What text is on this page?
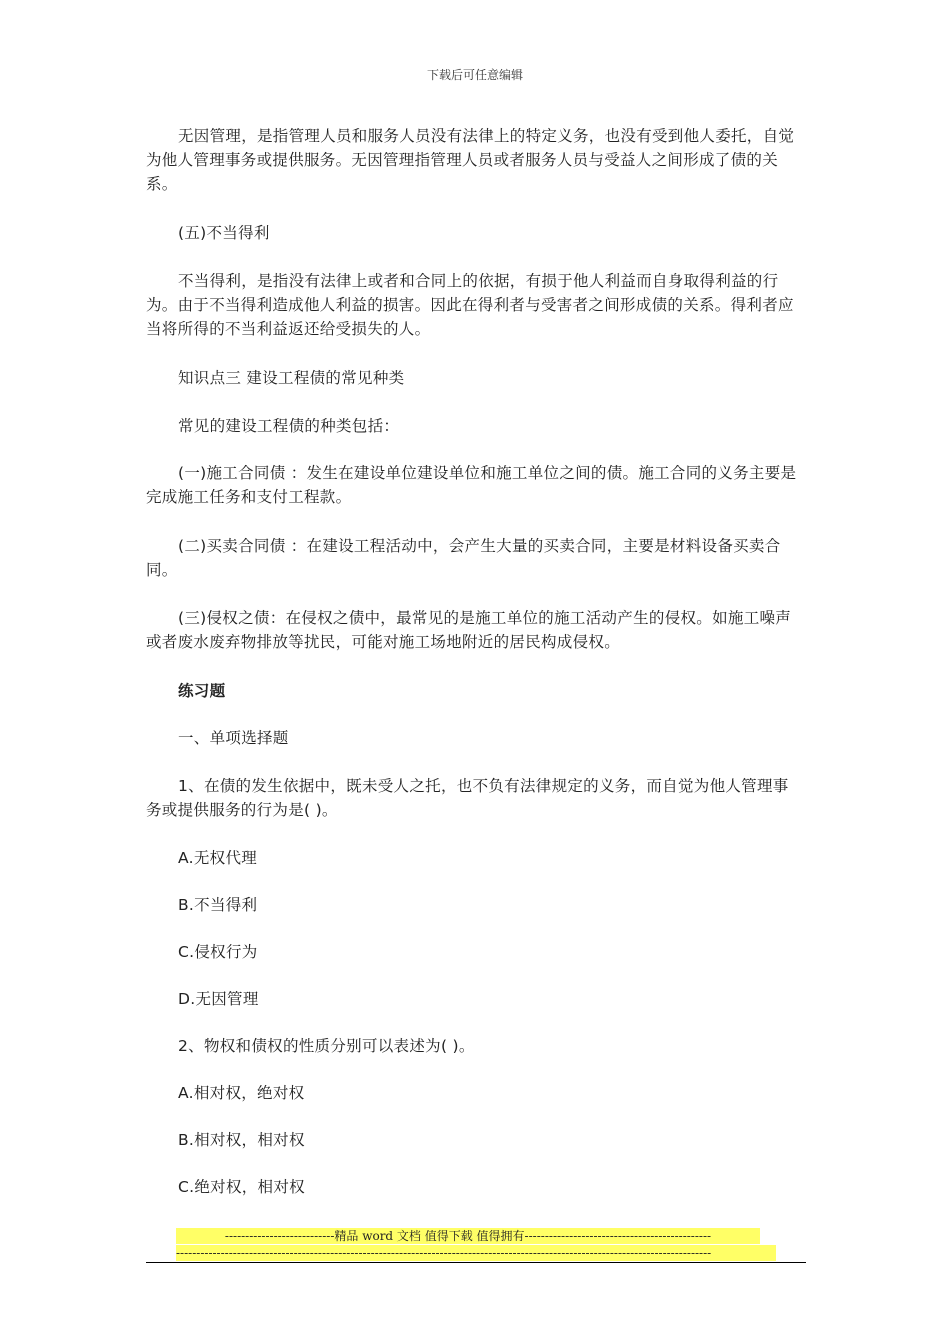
下载后可任意编辑

无因管理，是指管理人员和服务人员没有法律上的特定义务，也没有受到他人委托，自觉为他人管理事务或提供服务。无因管理指管理人员或者服务人员与受益人之间形成了债的关系。

(五)不当得利

不当得利，是指没有法律上或者和合同上的依据，有损于他人利益而自身取得利益的行为。由于不当得利造成他人利益的损害。因此在得利者与受害者之间形成债的关系。得利者应当将所得的不当利益返还给受损失的人。

知识点三 建设工程债的常见种类

常见的建设工程债的种类包括：

(一)施工合同债 ：发生在建设单位建设单位和施工单位之间的债。施工合同的义务主要是完成施工任务和支付工程款。

(二)买卖合同债 ：在建设工程活动中，会产生大量的买卖合同，主要是材料设备买卖合同。

(三)侵权之债：在侵权之债中，最常见的是施工单位的施工活动产生的侵权。如施工噪声或者废水废弃物排放等扰民，可能对施工场地附近的居民构成侵权。

练习题

一、单项选择题

1、在债的发生依据中，既未受人之托，也不负有法律规定的义务，而自觉为他人管理事务或提供服务的行为是( )。

A.无权代理

B.不当得利

C.侵权行为

D.无因管理

2、物权和债权的性质分别可以表述为( )。

A.相对权，绝对权

B.相对权，相对权

C.绝对权，相对权

---------------------------精品 word 文档 值得下载 值得拥有----------------------------------------------
------------------------------------------------------------------------------------------------------------------------------------
